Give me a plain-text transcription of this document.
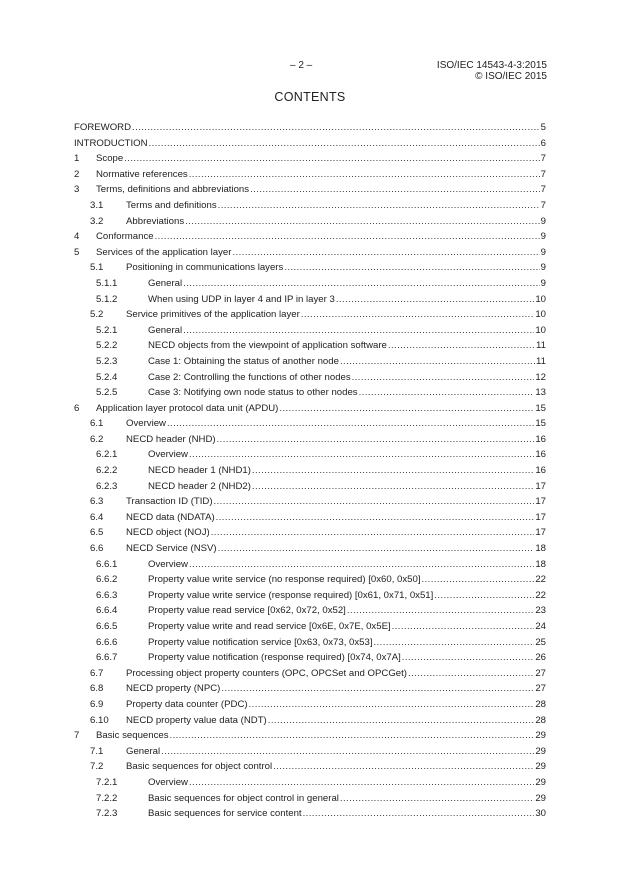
– 2 –	ISO/IEC 14543-4-3:2015
© ISO/IEC 2015
CONTENTS
FOREWORD .....	5
INTRODUCTION .....	6
1 Scope .....	7
2 Normative references .....	7
3 Terms, definitions and abbreviations .....	7
3.1 Terms and definitions .....	7
3.2 Abbreviations .....	9
4 Conformance .....	9
5 Services of the application layer .....	9
5.1 Positioning in communications layers .....	9
5.1.1	General .....	9
5.1.2	When using UDP in layer 4 and IP in layer 3 .....	10
5.2 Service primitives of the application layer .....	10
5.2.1	General .....	10
5.2.2	NECD objects from the viewpoint of application software .....	11
5.2.3	Case 1: Obtaining the status of another node .....	11
5.2.4	Case 2: Controlling the functions of other nodes .....	12
5.2.5	Case 3: Notifying own node status to other nodes .....	13
6 Application layer protocol data unit (APDU) .....	15
6.1 Overview .....	15
6.2 NECD header (NHD) .....	16
6.2.1	Overview .....	16
6.2.2	NECD header 1 (NHD1) .....	16
6.2.3	NECD header 2 (NHD2) .....	17
6.3 Transaction ID (TID) .....	17
6.4 NECD data (NDATA) .....	17
6.5 NECD object (NOJ) .....	17
6.6 NECD Service (NSV) .....	18
6.6.1	Overview .....	18
6.6.2	Property value write service (no response required) [0x60, 0x50] .....	22
6.6.3	Property value write service (response required) [0x61, 0x71, 0x51] .....	22
6.6.4	Property value read service [0x62, 0x72, 0x52] .....	23
6.6.5	Property value write and read service [0x6E, 0x7E, 0x5E] .....	24
6.6.6	Property value notification service [0x63, 0x73, 0x53] .....	25
6.6.7	Property value notification (response required) [0x74, 0x7A] .....	26
6.7 Processing object property counters (OPC, OPCSet and OPCGet) .....	27
6.8 NECD property (NPC) .....	27
6.9 Property data counter (PDC) .....	28
6.10 NECD property value data (NDT) .....	28
7 Basic sequences .....	29
7.1 General .....	29
7.2 Basic sequences for object control .....	29
7.2.1	Overview .....	29
7.2.2	Basic sequences for object control in general .....	29
7.2.3	Basic sequences for service content .....	30
